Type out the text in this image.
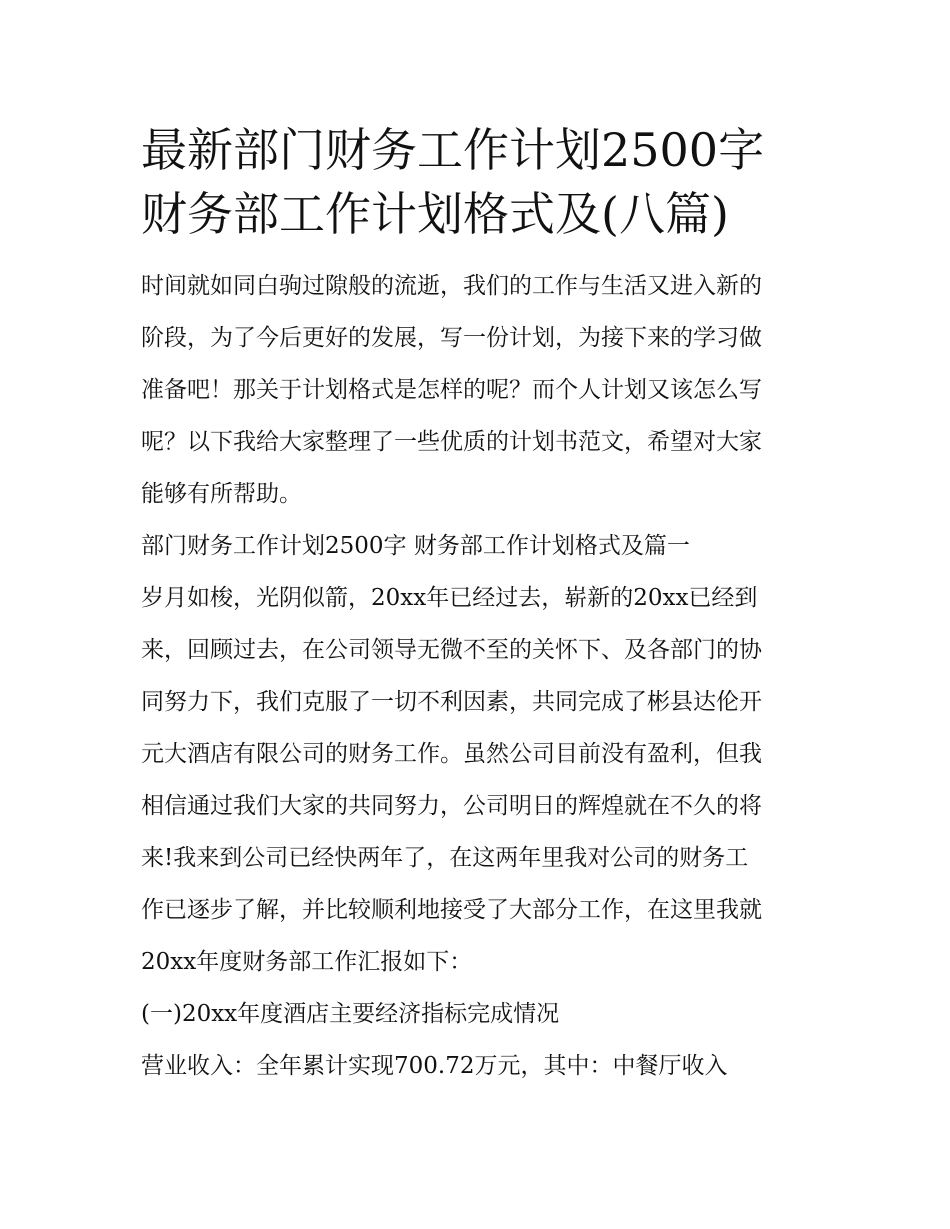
最新部门财务工作计划2500字
财务部工作计划格式及(八篇)
时间就如同白驹过隙般的流逝，我们的工作与生活又进入新的
阶段，为了今后更好的发展，写一份计划，为接下来的学习做
准备吧！那关于计划格式是怎样的呢？而个人计划又该怎么写
呢？以下我给大家整理了一些优质的计划书范文，希望对大家
能够有所帮助。
部门财务工作计划2500字 财务部工作计划格式及篇一
岁月如梭，光阴似箭，20xx年已经过去，崭新的20xx已经到
来，回顾过去，在公司领导无微不至的关怀下、及各部门的协
同努力下，我们克服了一切不利因素，共同完成了彬县达伦开
元大酒店有限公司的财务工作。虽然公司目前没有盈利，但我
相信通过我们大家的共同努力，公司明日的辉煌就在不久的将
来!我来到公司已经快两年了，在这两年里我对公司的财务工
作已逐步了解，并比较顺利地接受了大部分工作，在这里我就
20xx年度财务部工作汇报如下：
(一)20xx年度酒店主要经济指标完成情况
营业收入：全年累计实现700.72万元，其中：中餐厅收入
